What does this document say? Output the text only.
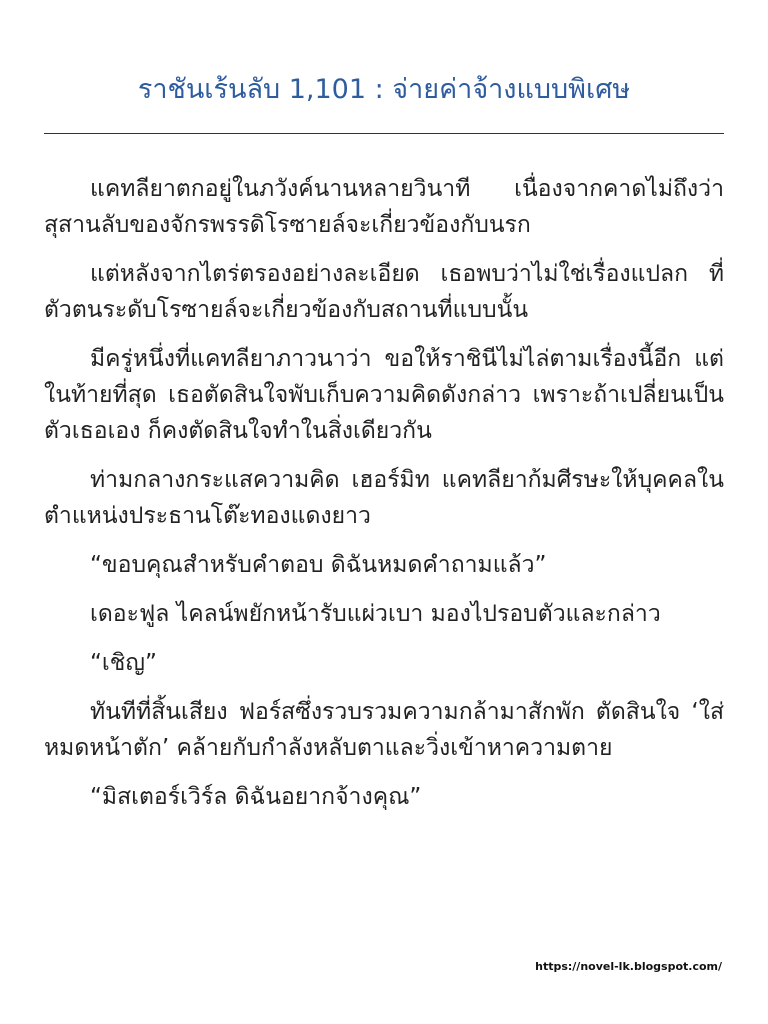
ราชันเร้นลับ 1,101 : จ่ายค่าจ้างแบบพิเศษ

แคทลียาตกอยู่ในภวังค์นานหลายวินาที เนื่องจากคาดไม่ถึงว่าสุสานลับของจักรพรรดิโรซายล์จะเกี่ยวข้องกับนรก

แต่หลังจากไตร่ตรองอย่างละเอียด เธอพบว่าไม่ใช่เรื่องแปลก ที่ตัวตนระดับโรซายล์จะเกี่ยวข้องกับสถานที่แบบนั้น

มีครู่หนึ่งที่แคทลียาภาวนาว่า ขอให้ราชินีไม่ไล่ตามเรื่องนี้อีก แต่ในท้ายที่สุด เธอตัดสินใจพับเก็บความคิดดังกล่าว เพราะถ้าเปลี่ยนเป็นตัวเธอเอง ก็คงตัดสินใจทำในสิ่งเดียวกัน

ท่ามกลางกระแสความคิด เฮอร์มิท แคทลียาก้มศีรษะให้บุคคลในตำแหน่งประธานโต๊ะทองแดงยาว

“ขอบคุณสำหรับคำตอบ ดิฉันหมดคำถามแล้ว”

เดอะฟูล ไคลน์พยักหน้ารับแผ่วเบา มองไปรอบตัวและกล่าว

“เชิญ”

ทันทีที่สิ้นเสียง ฟอร์สซึ่งรวบรวมความกล้ามาสักพัก ตัดสินใจ ‘ใส่หมดหน้าตัก’ คล้ายกับกำลังหลับตาและวิ่งเข้าหาความตาย

“มิสเตอร์เวิร์ล ดิฉันอยากจ้างคุณ”

https://novel-lk.blogspot.com/
